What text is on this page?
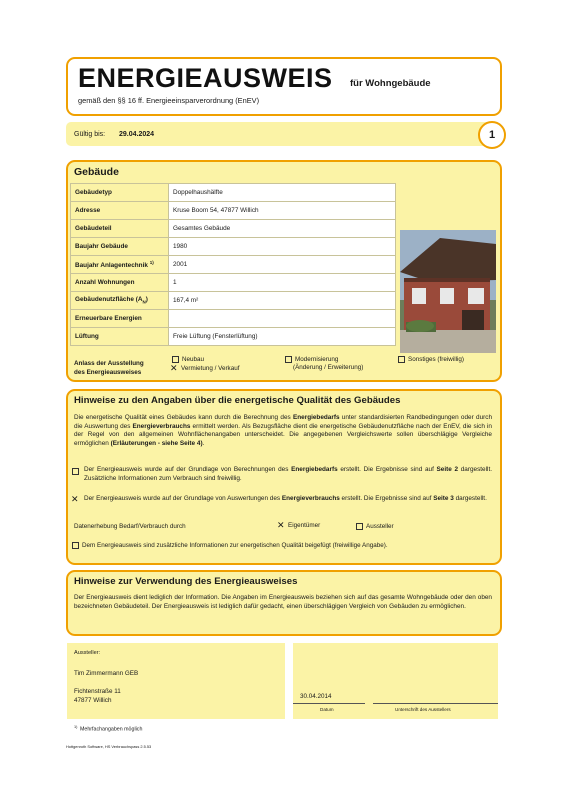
ENERGIEAUSWEIS für Wohngebäude
gemäß den §§ 16 ff. Energieeinsparverordnung (EnEV)
Gültig bis: 29.04.2024	1
Gebäude
Gebäudetyp	Doppelhaushälfte
Adresse	Kruse Boom 54, 47877 Willich
Gebäudeteil	Gesamtes Gebäude
Baujahr Gebäude	1980
Baujahr Anlagentechnik $^{1)}$	2001
Anzahl Wohnungen	1
Gebäudenutzfläche $(A_N)$	167,4 m²
Erneuerbare Energien	
Lüftung	Freie Lüftung (Fensterlüftung)
Anlass der Ausstellung
des Energieausweises
Neubau
✕ Vermietung / Verkauf
Modernisierung
(Änderung / Erweiterung)
Sonstiges (freiwillig)
Hinweise zu den Angaben über die energetische Qualität des Gebäudes
Die energetische Qualität eines Gebäudes kann durch die Berechnung des Energiebedarfs unter standardisierten Randbedingungen oder durch die Auswertung des Energieverbrauchs ermittelt werden. Als Bezugsfläche dient die energetische Gebäudenutzfläche nach der EnEV, die sich in der Regel von den allgemeinen Wohnflächenangaben unterscheidet. Die angegebenen Vergleichswerte sollen überschlägige Vergleiche ermöglichen (Erläuterungen - siehe Seite 4).
Der Energieausweis wurde auf der Grundlage von Berechnungen des Energiebedarfs erstellt. Die Ergebnisse sind auf Seite 2 dargestellt. Zusätzliche Informationen zum Verbrauch sind freiwillig.
✕ Der Energieausweis wurde auf der Grundlage von Auswertungen des Energieverbrauchs erstellt. Die Ergebnisse sind auf Seite 3 dargestellt.
Datenerhebung Bedarf/Verbrauch durch	✕ Eigentümer	Aussteller
Dem Energieausweis sind zusätzliche Informationen zur energetischen Qualität beigefügt (freiwillige Angabe).
Hinweise zur Verwendung des Energieausweises
Der Energieausweis dient lediglich der Information. Die Angaben im Energieausweis beziehen sich auf das gesamte Wohngebäude oder den oben bezeichneten Gebäudeteil. Der Energieausweis ist lediglich dafür gedacht, einen überschlägigen Vergleich von Gebäuden zu ermöglichen.
Aussteller:
Tim Zimmermann GEB
Fichtenstraße 11
47877 Willich
30.04.2014
Datum	Unterschrift des Ausstellers
$^{1)}$ Mehrfachangaben möglich
Hottgenroth Software, HS Verbrauchspass 2.5.53
